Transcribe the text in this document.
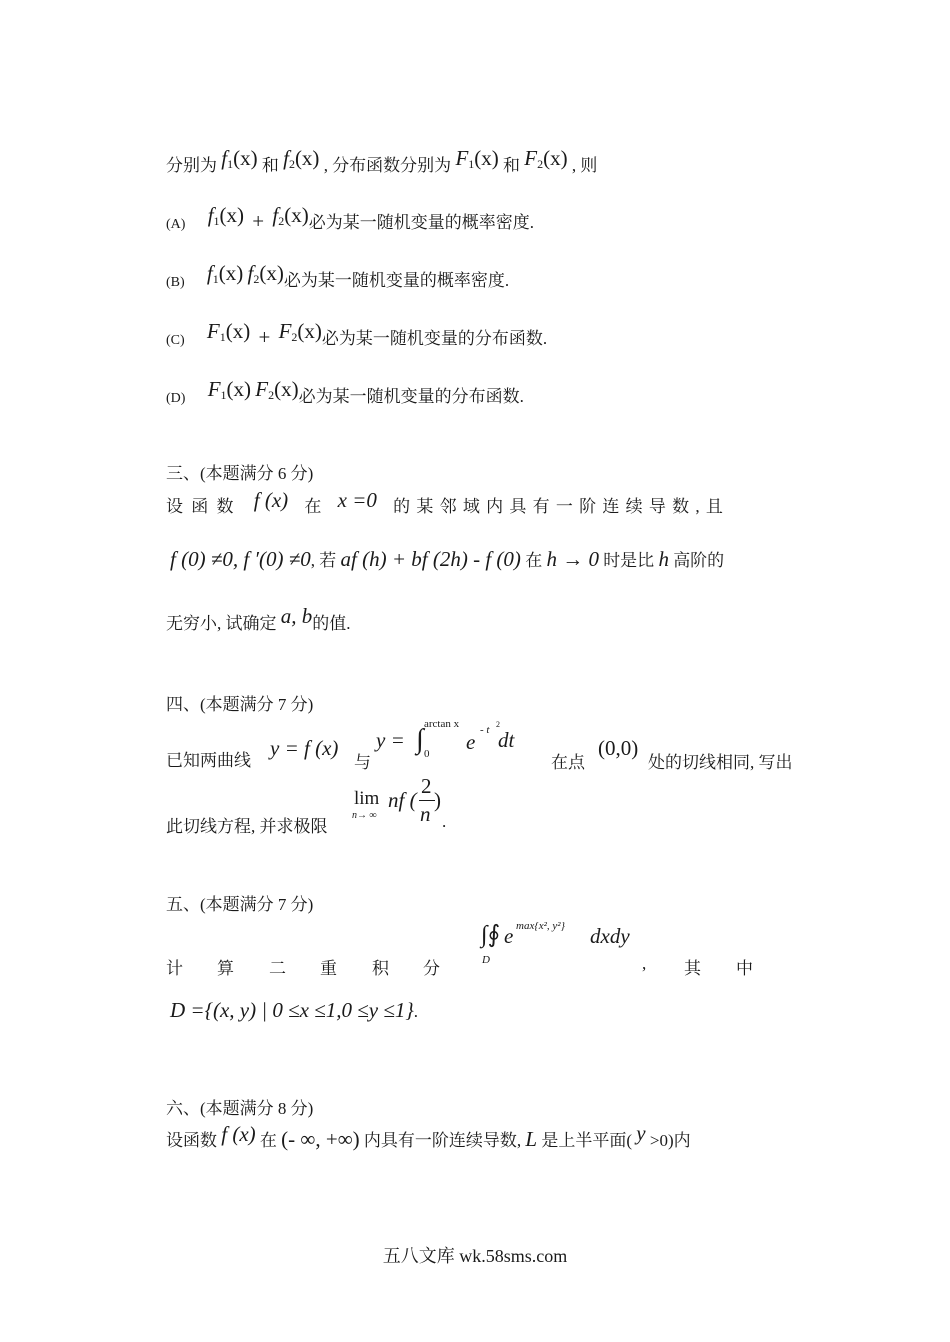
分别为 $f_1(x)$ 和 $f_2(x)$ , 分布函数分别为 $F_1(x)$ 和 $F_2(x)$ , 则
(A) $f_1(x) + f_2(x)$必为某一随机变量的概率密度.
(B) $f_1(x)$ $f_2(x)$必为某一随机变量的概率密度.
(C) $F_1(x) + F_2(x)$必为某一随机变量的分布函数.
(D) $F_1(x)$ $F_2(x)$必为某一随机变量的分布函数.
三、(本题满分 6 分)
设 函 数 f (x) 在 x =0 的 某 邻 域 内 具 有 一 阶 连 续 导 数 , 且
f (0) ≠0, f ′(0) ≠0, 若 af (h) + bf (2h) - f (0) 在 h → 0 时是比 h 高阶的
无穷小, 试确定 a, b的值.
四、(本题满分 7 分)
已知两曲线
y = f (x)
与
y = ∫ arctan x
0 e - t 2
dt
在点
(0,0)
处的切线相同, 写出
此切线方程, 并求极限
lim
n→ ∞
nf (
2
n
)
.
五、(本题满分 7 分)
计 算 二 重 积 分
∫∮
D
e max{x², y²} dxdy
, 其 中
D ={(x, y) | 0 ≤x ≤1,0 ≤y ≤1}.
六、(本题满分 8 分)
设函数 f (x) 在 (- ∞, +∞) 内具有一阶连续导数, L 是上半平面( y >0)内
五八文库 wk.58sms.com
